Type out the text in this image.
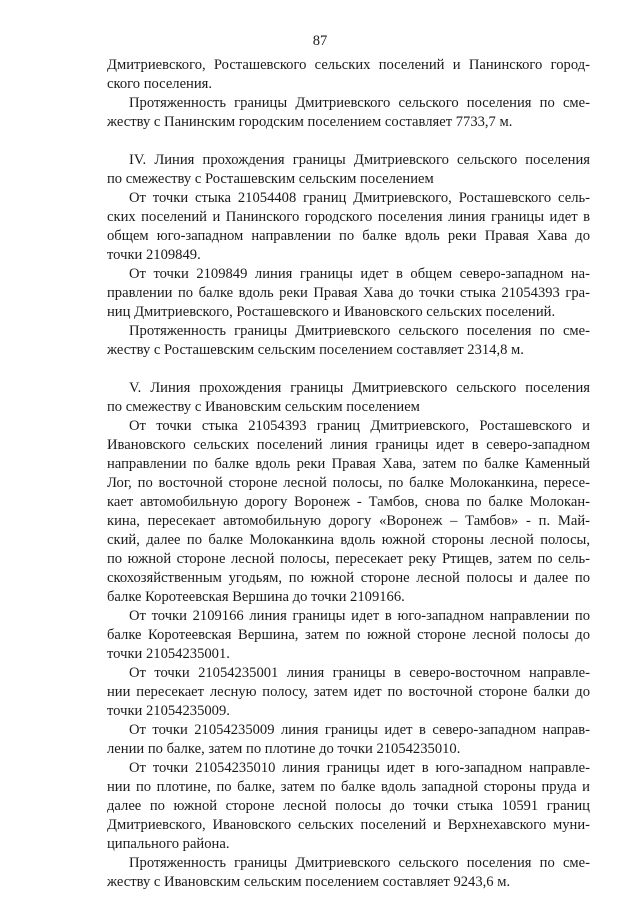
87
Дмитриевского, Росташевского сельских поселений и Панинского город-
ского поселения.
Протяженность границы Дмитриевского сельского поселения по сме-
жеству с Панинским городским поселением составляет 7733,7 м.
IV. Линия прохождения границы Дмитриевского сельского поселения
по смежеству с Росташевским сельским поселением
От точки стыка 21054408 границ Дмитриевского, Росташевского сель-
ских поселений и Панинского городского поселения линия границы идет в
общем юго-западном направлении по балке вдоль реки Правая Хава до
точки 2109849.
От точки 2109849 линия границы идет в общем северо-западном на-
правлении по балке вдоль реки Правая Хава до точки стыка 21054393 гра-
ниц Дмитриевского, Росташевского и Ивановского сельских поселений.
Протяженность границы Дмитриевского сельского поселения по сме-
жеству с Росташевским сельским поселением составляет 2314,8 м.
V. Линия прохождения границы Дмитриевского сельского поселения
по смежеству с Ивановским сельским поселением
От точки стыка 21054393 границ Дмитриевского, Росташевского и
Ивановского сельских поселений линия границы идет в северо-западном
направлении по балке вдоль реки Правая Хава, затем по балке Каменный
Лог, по восточной стороне лесной полосы, по балке Молоканкина, пересе-
кает автомобильную дорогу Воронеж - Тамбов, снова по балке Молокан-
кина, пересекает автомобильную дорогу «Воронеж – Тамбов» - п. Май-
ский, далее по балке Молоканкина вдоль южной стороны лесной полосы,
по южной стороне лесной полосы, пересекает реку Ртищев, затем по сель-
скохозяйственным угодьям, по южной стороне лесной полосы и далее по
балке Коротеевская Вершина до точки 2109166.
От точки 2109166 линия границы идет в юго-западном направлении по
балке Коротеевская Вершина, затем по южной стороне лесной полосы до
точки 21054235001.
От точки 21054235001 линия границы в северо-восточном направле-
нии пересекает лесную полосу, затем идет по восточной стороне балки до
точки 21054235009.
От точки 21054235009 линия границы идет в северо-западном направ-
лении по балке, затем по плотине до точки 21054235010.
От точки 21054235010 линия границы идет в юго-западном направле-
нии по плотине, по балке, затем по балке вдоль западной стороны пруда и
далее по южной стороне лесной полосы до точки стыка 10591 границ
Дмитриевского, Ивановского сельских поселений и Верхнехавского муни-
ципального района.
Протяженность границы Дмитриевского сельского поселения по сме-
жеству с Ивановским сельским поселением составляет 9243,6 м.
